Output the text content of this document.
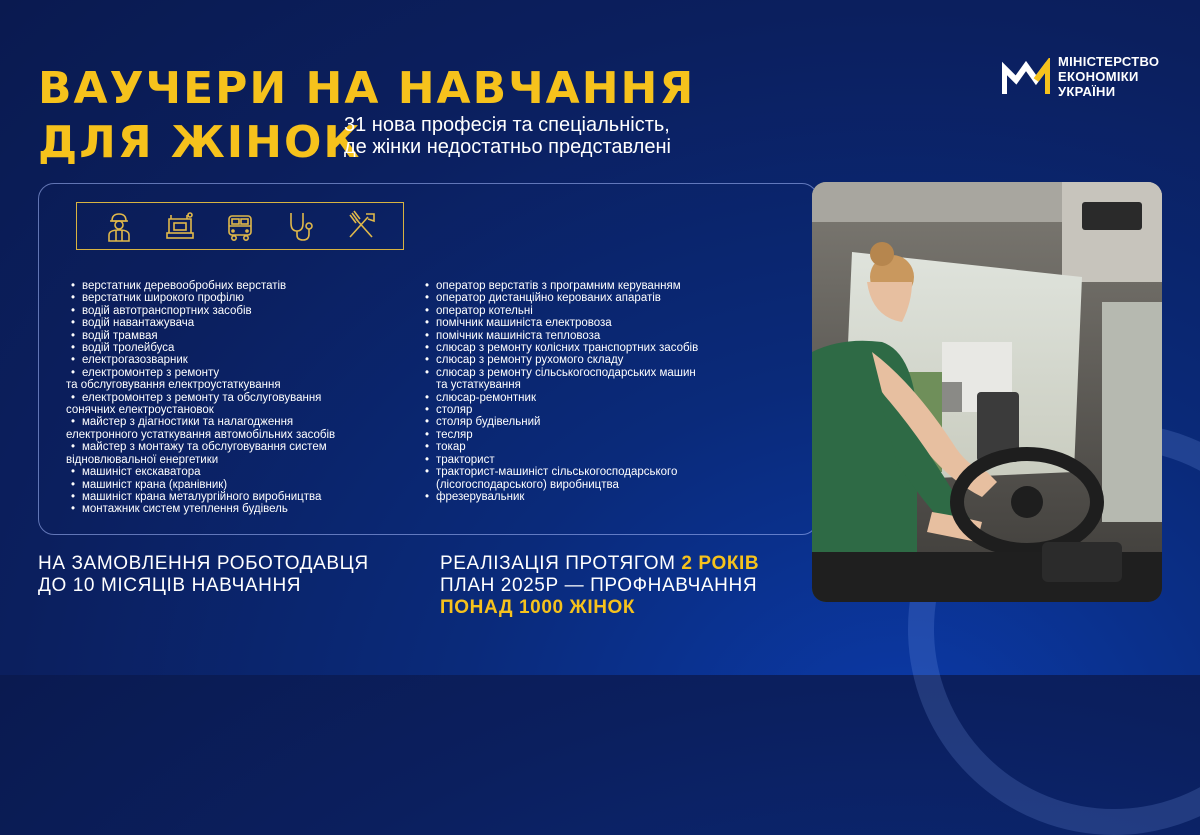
ВАУЧЕРИ НА НАВЧАННЯ
ДЛЯ ЖІНОК
31 нова професія та спеціальність,
де жінки недостатньо представлені
МІНІСТЕРСТВО
ЕКОНОМІКИ
УКРАЇНИ
• верстатник деревообробних верстатів
• верстатник широкого профілю
• водій автотранспортних засобів
• водій навантажувача
• водій трамвая
• водій тролейбуса
• електрогазозварник
• електромонтер з ремонту
та обслуговування електроустаткування
• електромонтер з ремонту та обслуговування
сонячних електроустановок
• майстер з діагностики та налагодження
електронного устаткування автомобільних засобів
• майстер з монтажу та обслуговування систем
відновлювальної енергетики
• машиніст екскаватора
• машиніст крана (кранівник)
• машиніст крана металургійного виробництва
• монтажник систем утеплення будівель
• оператор верстатів з програмним керуванням
• оператор дистанційно керованих апаратів
• оператор котельні
• помічник машиніста електровоза
• помічник машиніста тепловоза
• слюсар з ремонту колісних транспортних засобів
• слюсар з ремонту рухомого складу
• слюсар з ремонту сільськогосподарських машин
та устаткування
• слюсар-ремонтник
• столяр
• столяр будівельний
• тесляр
• токар
• тракторист
• тракторист-машиніст сільськогосподарського
(лісогосподарського) виробництва
• фрезерувальник
НА ЗАМОВЛЕННЯ РОБОТОДАВЦЯ
ДО 10 МІСЯЦІВ НАВЧАННЯ
РЕАЛІЗАЦІЯ ПРОТЯГОМ 2 РОКІВ
ПЛАН 2025Р — ПРОФНАВЧАННЯ
ПОНАД 1000 ЖІНОК
